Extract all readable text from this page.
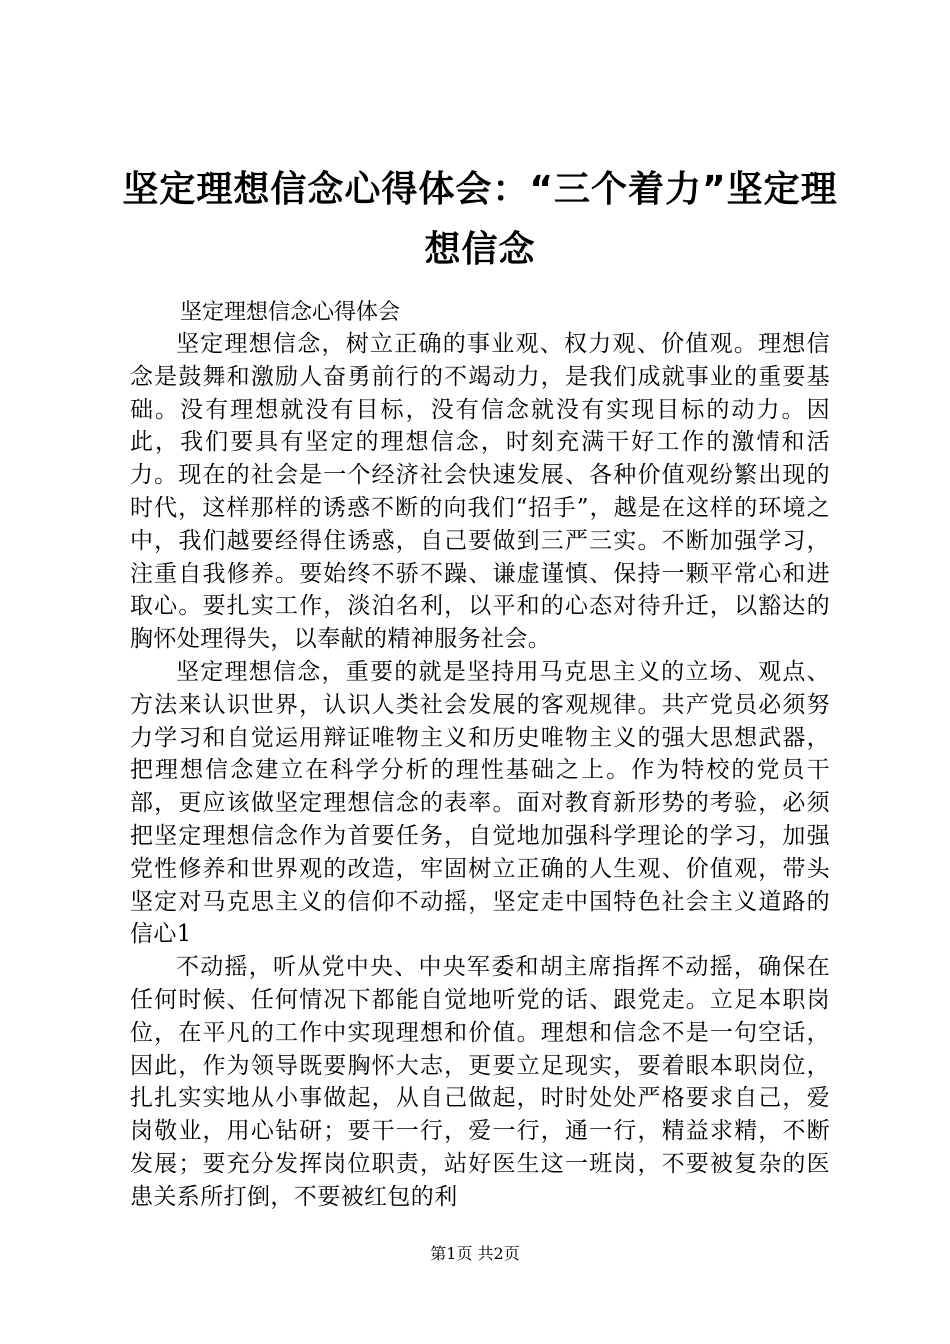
坚定理想信念心得体会：“三个着力”坚定理想信念

坚定理想信念心得体会

坚定理想信念，树立正确的事业观、权力观、价值观。理想信念是鼓舞和激励人奋勇前行的不竭动力，是我们成就事业的重要基础。没有理想就没有目标，没有信念就没有实现目标的动力。因此，我们要具有坚定的理想信念，时刻充满干好工作的激情和活力。现在的社会是一个经济社会快速发展、各种价值观纷繁出现的时代，这样那样的诱惑不断的向我们“招手”，越是在这样的环境之中，我们越要经得住诱惑，自己要做到三严三实。不断加强学习，注重自我修养。要始终不骄不躁、谦虚谨慎、保持一颗平常心和进取心。要扎实工作，淡泊名利，以平和的心态对待升迁，以豁达的胸怀处理得失，以奉献的精神服务社会。

坚定理想信念，重要的就是坚持用马克思主义的立场、观点、方法来认识世界，认识人类社会发展的客观规律。共产党员必须努力学习和自觉运用辩证唯物主义和历史唯物主义的强大思想武器，把理想信念建立在科学分析的理性基础之上。作为特校的党员干部，更应该做坚定理想信念的表率。面对教育新形势的考验，必须把坚定理想信念作为首要任务，自觉地加强科学理论的学习，加强党性修养和世界观的改造，牢固树立正确的人生观、价值观，带头坚定对马克思主义的信仰不动摇，坚定走中国特色社会主义道路的信心1

不动摇，听从党中央、中央军委和胡主席指挥不动摇，确保在任何时候、任何情况下都能自觉地听党的话、跟党走。立足本职岗位，在平凡的工作中实现理想和价值。理想和信念不是一句空话，因此，作为领导既要胸怀大志，更要立足现实，要着眼本职岗位，扎扎实实地从小事做起，从自己做起，时时处处严格要求自己，爱岗敬业，用心钻研；要干一行，爱一行，通一行，精益求精，不断发展；要充分发挥岗位职责，站好医生这一班岗，不要被复杂的医患关系所打倒，不要被红包的利

第1页 共2页
